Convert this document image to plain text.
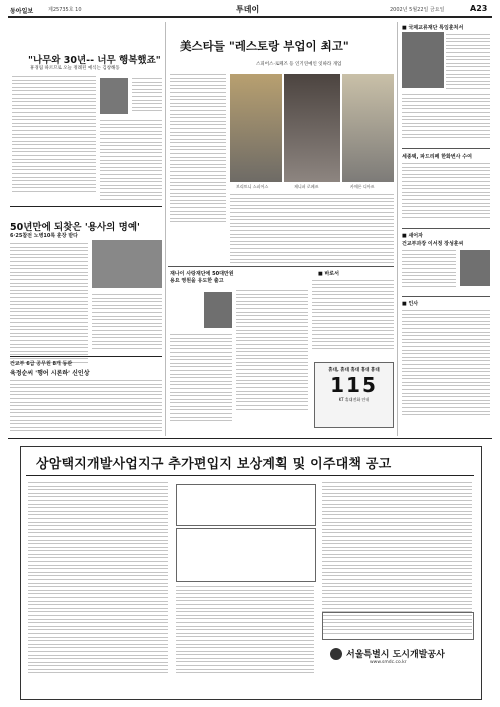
동아일보	제25735호 10	투데이	2002년 5월22일 금요일	A23
"나무와 30년-- 너무 행복했죠"
휴경림 따르므로 오늘 정례된 예식는 김창해동
50년만에 되찾은 '용사의 명예'
6·25참전 노병10록 훈장 받다
건교부 6급 공무원 8개 동관
육정순씨 '행어 시론하' 신인상
美스타들 "레스토랑 부업이 최고"
스피어스·로페즈 등 인기연예인 잇따라 개업
브리트니 스피어스	제니퍼 로페즈	카메론 디아즈
재나이 사랑재단에 50대만원
용요 영원을 유도한 출고
■ 바로서
휴대, 휴대 휴대 휴대 휴대
115
KT 휴대전화 안내
■ 국제교류재단 특임훈처서
세종택, 파드리페 한화번사 수여
■ 새어자
건교부과장 이서정 장성훈씨
■ 인사
상암택지개발사업지구 추가편입지 보상계획 및 이주대책 공고
서울특별시 도시개발공사
www.smdc.co.kr
